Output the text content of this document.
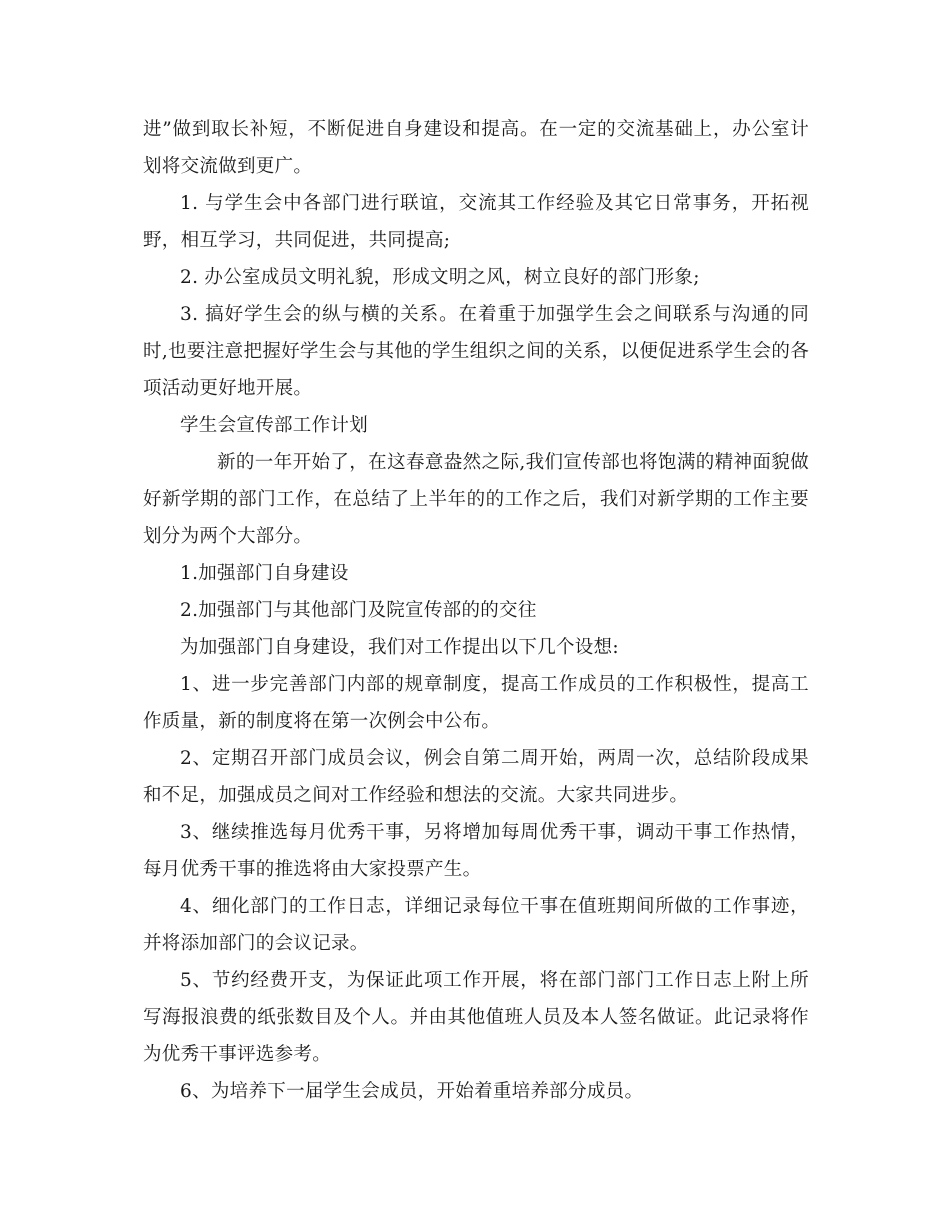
进”做到取长补短，不断促进自身建设和提高。在一定的交流基础上，办公室计划将交流做到更广。

1. 与学生会中各部门进行联谊，交流其工作经验及其它日常事务，开拓视野，相互学习，共同促进，共同提高;

2. 办公室成员文明礼貌，形成文明之风，树立良好的部门形象;

3. 搞好学生会的纵与横的关系。在着重于加强学生会之间联系与沟通的同时,也要注意把握好学生会与其他的学生组织之间的关系，以便促进系学生会的各项活动更好地开展。

学生会宣传部工作计划

新的一年开始了，在这春意盎然之际,我们宣传部也将饱满的精神面貌做好新学期的部门工作，在总结了上半年的的工作之后，我们对新学期的工作主要划分为两个大部分。

1.加强部门自身建设

2.加强部门与其他部门及院宣传部的的交往

为加强部门自身建设，我们对工作提出以下几个设想:

1、进一步完善部门内部的规章制度，提高工作成员的工作积极性，提高工作质量，新的制度将在第一次例会中公布。

2、定期召开部门成员会议，例会自第二周开始，两周一次，总结阶段成果和不足，加强成员之间对工作经验和想法的交流。大家共同进步。

3、继续推选每月优秀干事，另将增加每周优秀干事，调动干事工作热情，每月优秀干事的推选将由大家投票产生。

4、细化部门的工作日志，详细记录每位干事在值班期间所做的工作事迹，并将添加部门的会议记录。

5、节约经费开支，为保证此项工作开展，将在部门部门工作日志上附上所写海报浪费的纸张数目及个人。并由其他值班人员及本人签名做证。此记录将作为优秀干事评选参考。

6、为培养下一届学生会成员，开始着重培养部分成员。
